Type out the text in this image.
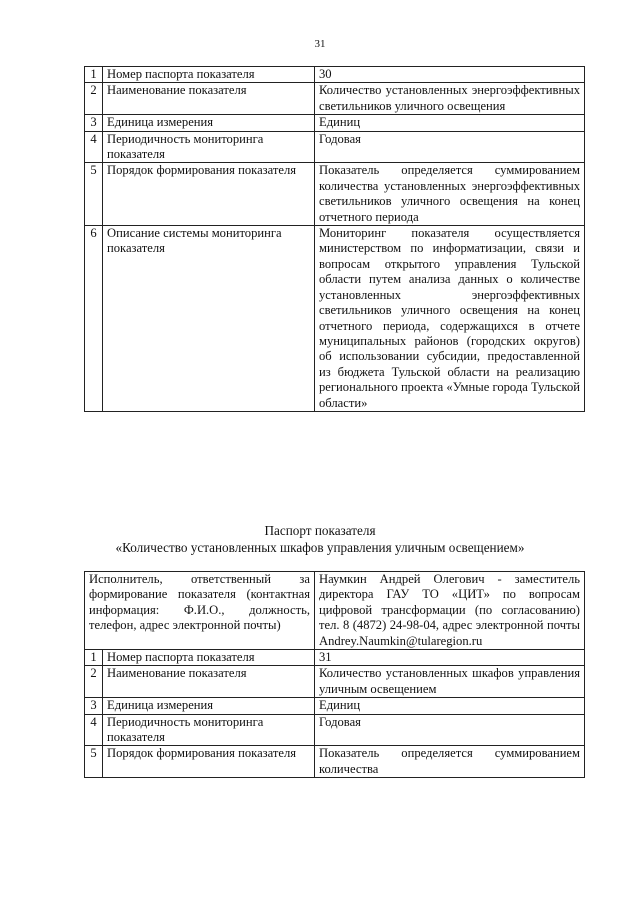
31
1	Номер паспорта показателя	30
2	Наименование показателя	Количество установленных энергоэффективных светильников уличного освещения
3	Единица измерения	Единиц
4	Периодичность мониторинга показателя	Годовая
5	Порядок формирования показателя	Показатель определяется суммированием количества установленных энергоэффективных светильников уличного освещения на конец отчетного периода
6	Описание системы мониторинга показателя	Мониторинг показателя осуществляется министерством по информатизации, связи и вопросам открытого управления Тульской области путем анализа данных о количестве установленных энергоэффективных светильников уличного освещения на конец отчетного периода, содержащихся в отчете муниципальных районов (городских округов) об использовании субсидии, предоставленной из бюджета Тульской области на реализацию регионального проекта «Умные города Тульской области»
Паспорт показателя
«Количество установленных шкафов управления уличным освещением»
Исполнитель, ответственный за формирование показателя (контактная информация: Ф.И.О., должность, телефон, адрес электронной почты)		Наумкин Андрей Олегович - заместитель директора ГАУ ТО «ЦИТ» по вопросам цифровой трансформации (по согласованию) тел. 8 (4872) 24-98-04, адрес электронной почты Andrey.Naumkin@tularegion.ru
1	Номер паспорта показателя	31
2	Наименование показателя	Количество установленных шкафов управления уличным освещением
3	Единица измерения	Единиц
4	Периодичность мониторинга показателя	Годовая
5	Порядок формирования показателя	Показатель определяется суммированием количества
